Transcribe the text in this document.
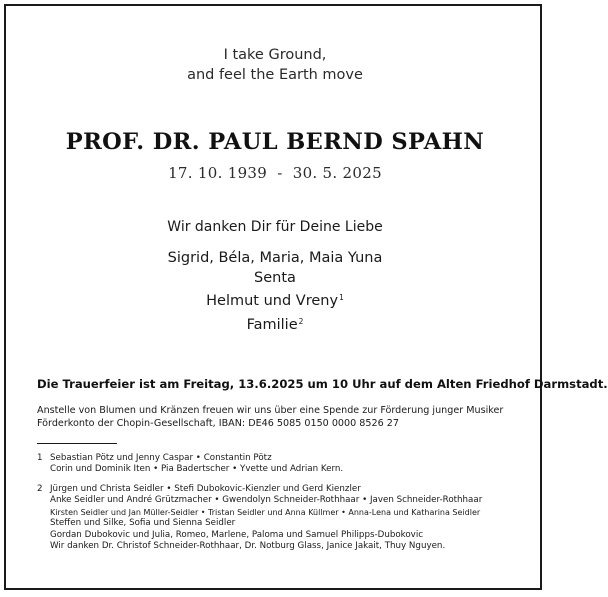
I take Ground,
and feel the Earth move
PROF. DR. PAUL BERND SPAHN
17. 10. 1939  -  30. 5. 2025
Wir danken Dir für Deine Liebe
Sigrid, Béla, Maria, Maia Yuna
Senta
Helmut und Vreny$^1$
Familie$^2$
Die Trauerfeier ist am Freitag, 13.6.2025 um 10 Uhr auf dem Alten Friedhof Darmstadt.
Anstelle von Blumen und Kränzen freuen wir uns über eine Spende zur Förderung junger Musiker
Förderkonto der Chopin-Gesellschaft, IBAN: DE46 5085 0150 0000 8526 27
1 Sebastian Pötz und Jenny Caspar • Constantin Pötz
Corin und Dominik Iten • Pia Badertscher • Yvette und Adrian Kern.
2 Jürgen und Christa Seidler • Stefi Dubokovic-Kienzler und Gerd Kienzler
Anke Seidler und André Grützmacher • Gwendolyn Schneider-Rothhaar • Javen Schneider-Rothhaar
Kirsten Seidler und Jan Müller-Seidler • Tristan Seidler und Anna Küllmer • Anna-Lena und Katharina Seidler
Steffen und Silke, Sofia und Sienna Seidler
Gordan Dubokovic und Julia, Romeo, Marlene, Paloma und Samuel Philipps-Dubokovic
Wir danken Dr. Christof Schneider-Rothhaar, Dr. Notburg Glass, Janice Jakait, Thuy Nguyen.
